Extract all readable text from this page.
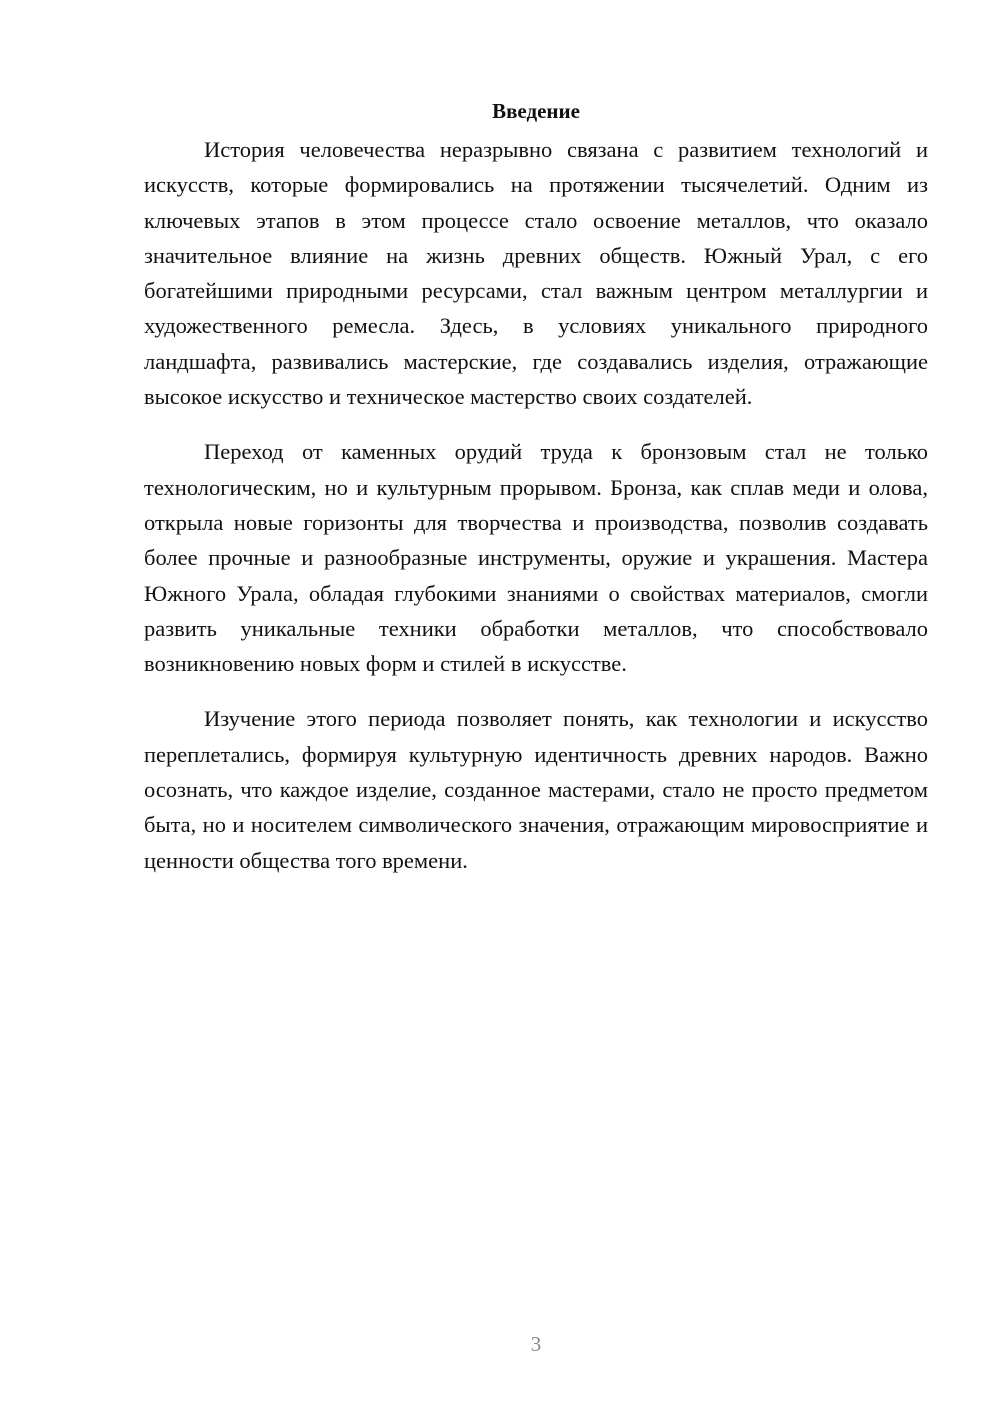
Введение

История человечества неразрывно связана с развитием технологий и искусств, которые формировались на протяжении тысячелетий. Одним из ключевых этапов в этом процессе стало освоение металлов, что оказало значительное влияние на жизнь древних обществ. Южный Урал, с его богатейшими природными ресурсами, стал важным центром металлургии и художественного ремесла. Здесь, в условиях уникального природного ландшафта, развивались мастерские, где создавались изделия, отражающие высокое искусство и техническое мастерство своих создателей.

Переход от каменных орудий труда к бронзовым стал не только технологическим, но и культурным прорывом. Бронза, как сплав меди и олова, открыла новые горизонты для творчества и производства, позволив создавать более прочные и разнообразные инструменты, оружие и украшения. Мастера Южного Урала, обладая глубокими знаниями о свойствах материалов, смогли развить уникальные техники обработки металлов, что способствовало возникновению новых форм и стилей в искусстве.

Изучение этого периода позволяет понять, как технологии и искусство переплетались, формируя культурную идентичность древних народов. Важно осознать, что каждое изделие, созданное мастерами, стало не просто предметом быта, но и носителем символического значения, отражающим мировосприятие и ценности общества того времени.

3
